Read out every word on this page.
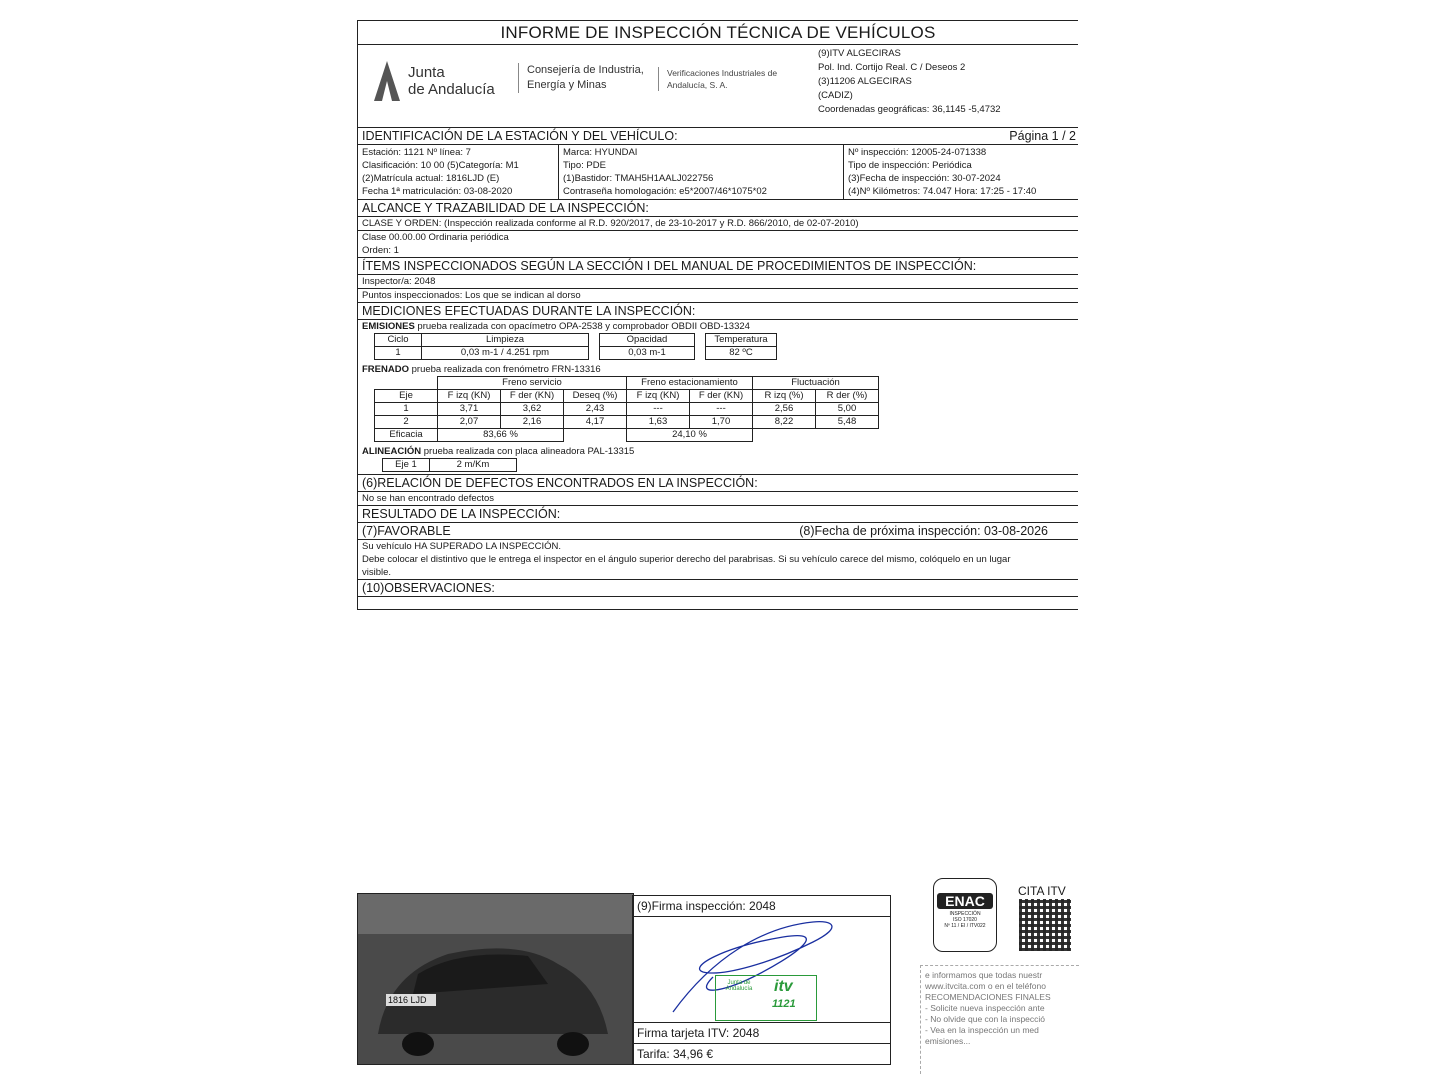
INFORME DE INSPECCIÓN TÉCNICA DE VEHÍCULOS
Junta
de Andalucía
Consejería de Industria,
Energía y Minas
Verificaciones Industriales de
Andalucía, S. A.
(9)ITV ALGECIRAS
Pol. Ind. Cortijo Real. C / Deseos 2
(3)11206 ALGECIRAS
(CADIZ)
Coordenadas geográficas: 36,1145 -5,4732
IDENTIFICACIÓN DE LA ESTACIÓN Y DEL VEHÍCULO:	Página 1 / 2
Estación: 1121 Nº línea: 7
Clasificación: 10 00 (5)Categoría: M1
(2)Matrícula actual: 1816LJD (E)
Fecha 1ª matriculación: 03-08-2020
Marca: HYUNDAI
Tipo: PDE
(1)Bastidor: TMAH5H1AALJ022756
Contraseña homologación: e5*2007/46*1075*02
Nº inspección: 12005-24-071338
Tipo de inspección: Periódica
(3)Fecha de inspección: 30-07-2024
(4)Nº Kilómetros: 74.047 Hora: 17:25 - 17:40
ALCANCE Y TRAZABILIDAD DE LA INSPECCIÓN:
CLASE Y ORDEN: (Inspección realizada conforme al R.D. 920/2017, de 23-10-2017 y R.D. 866/2010, de 02-07-2010)
Clase 00.00.00 Ordinaria periódica
Orden: 1
ÍTEMS INSPECCIONADOS SEGÚN LA SECCIÓN I DEL MANUAL DE PROCEDIMIENTOS DE INSPECCIÓN:
Inspector/a: 2048
Puntos inspeccionados: Los que se indican al dorso
MEDICIONES EFECTUADAS DURANTE LA INSPECCIÓN:
EMISIONES prueba realizada con opacímetro OPA-2538 y comprobador OBDII OBD-13324
Ciclo	Limpieza
1	0,03 m-1 / 4.251 rpm
Opacidad
0,03 m-1
Temperatura
82 ºC
FRENADO prueba realizada con frenómetro FRN-13316
	Freno servicio			Freno estacionamiento		Fluctuación	
Eje	F izq (KN)	F der (KN)	Deseq (%)	F izq (KN)	F der (KN)	R izq (%)	R der (%)
1	3,71	3,62	2,43	---	---	2,56	5,00
2	2,07	2,16	4,17	1,63	1,70	8,22	5,48
Eficacia	83,66 %			24,10 %			
ALINEACIÓN prueba realizada con placa alineadora PAL-13315
Eje 1	2 m/Km
(6)RELACIÓN DE DEFECTOS ENCONTRADOS EN LA INSPECCIÓN:
No se han encontrado defectos
RESULTADO DE LA INSPECCIÓN:
(7)FAVORABLE	(8)Fecha de próxima inspección: 03-08-2026
Su vehículo HA SUPERADO LA INSPECCIÓN.
Debe colocar el distintivo que le entrega el inspector en el ángulo superior derecho del parabrisas. Si su vehículo carece del mismo, colóquelo en un lugar
visible.
(10)OBSERVACIONES:
1816 LJD
(9)Firma inspección: 2048
Junta de Andalucía	itv
1121
Firma tarjeta ITV: 2048
Tarifa: 34,96 €
ENAC
INSPECCIÓN
ISO 17020
Nº 11 / EI / ITV022
CITA ITV
e informamos que todas nuestr
www.itvcita.com o en el teléfono
RECOMENDACIONES FINALES
- Solicite nueva inspección ante
- No olvide que con la inspecció
- Vea en la inspección un med
emisiones...
